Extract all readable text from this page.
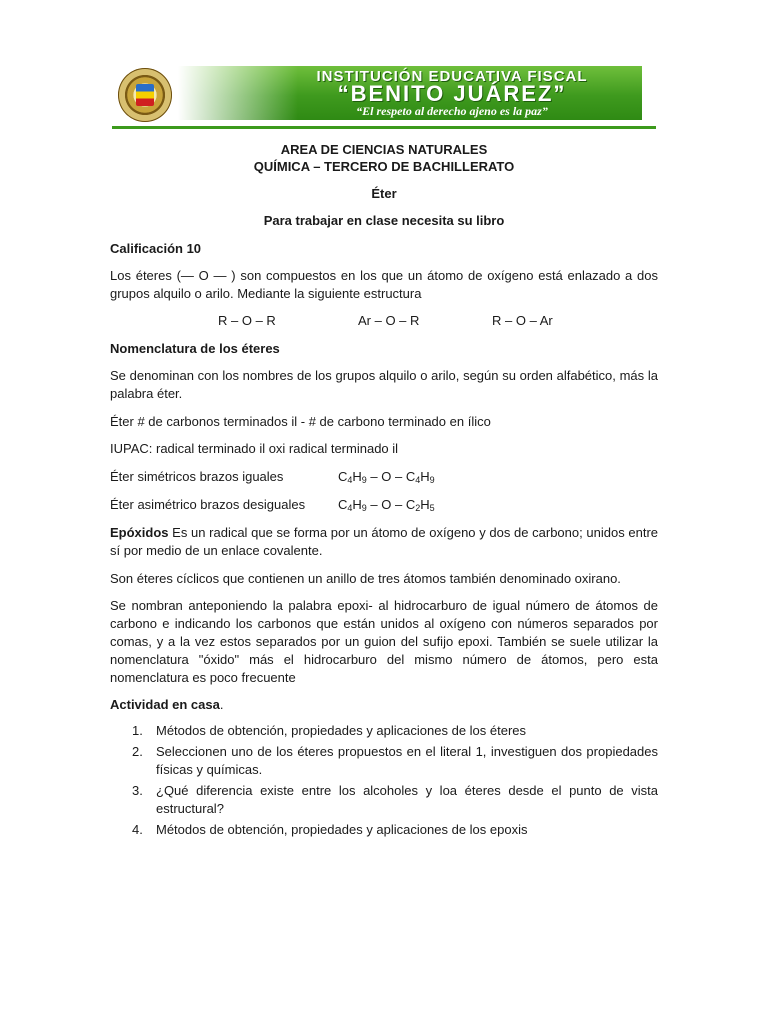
INSTITUCIÓN EDUCATIVA FISCAL
“BENITO JUÁREZ”
“El respeto al derecho ajeno es la paz”
AREA DE CIENCIAS NATURALES
QUÍMICA – TERCERO DE BACHILLERATO
Éter
Para trabajar en clase necesita su libro
Calificación 10
Los éteres (— O — ) son compuestos en los que un átomo de oxígeno está enlazado a dos grupos alquilo o arilo. Mediante la siguiente estructura
R – O – R	Ar – O – R	R – O – Ar
Nomenclatura de los éteres
Se denominan con los nombres de los grupos alquilo o arilo, según su orden alfabético, más la palabra éter.
Éter # de carbonos terminados il - # de carbono terminado en ílico
IUPAC: radical terminado il oxi radical terminado il
Éter simétricos brazos iguales	$C_4H_9$ – O – $C_4H_9$
Éter asimétrico brazos desiguales	$C_4H_9$ – O – $C_2H_5$
Epóxidos Es un radical que se forma por un átomo de oxígeno y dos de carbono; unidos entre sí por medio de un enlace covalente.
Son éteres cíclicos que contienen un anillo de tres átomos también denominado oxirano.
Se nombran anteponiendo la palabra epoxi- al hidrocarburo de igual número de átomos de carbono e indicando los carbonos que están unidos al oxígeno con números separados por comas, y a la vez estos separados por un guion del sufijo epoxi. También se suele utilizar la nomenclatura "óxido" más el hidrocarburo del mismo número de átomos, pero esta nomenclatura es poco frecuente
Actividad en casa.
1. Métodos de obtención, propiedades y aplicaciones de los éteres
2. Seleccionen uno de los éteres propuestos en el literal 1, investiguen dos propiedades físicas y químicas.
3. ¿Qué diferencia existe entre los alcoholes y loa éteres desde el punto de vista estructural?
4. Métodos de obtención, propiedades y aplicaciones de los epoxis
